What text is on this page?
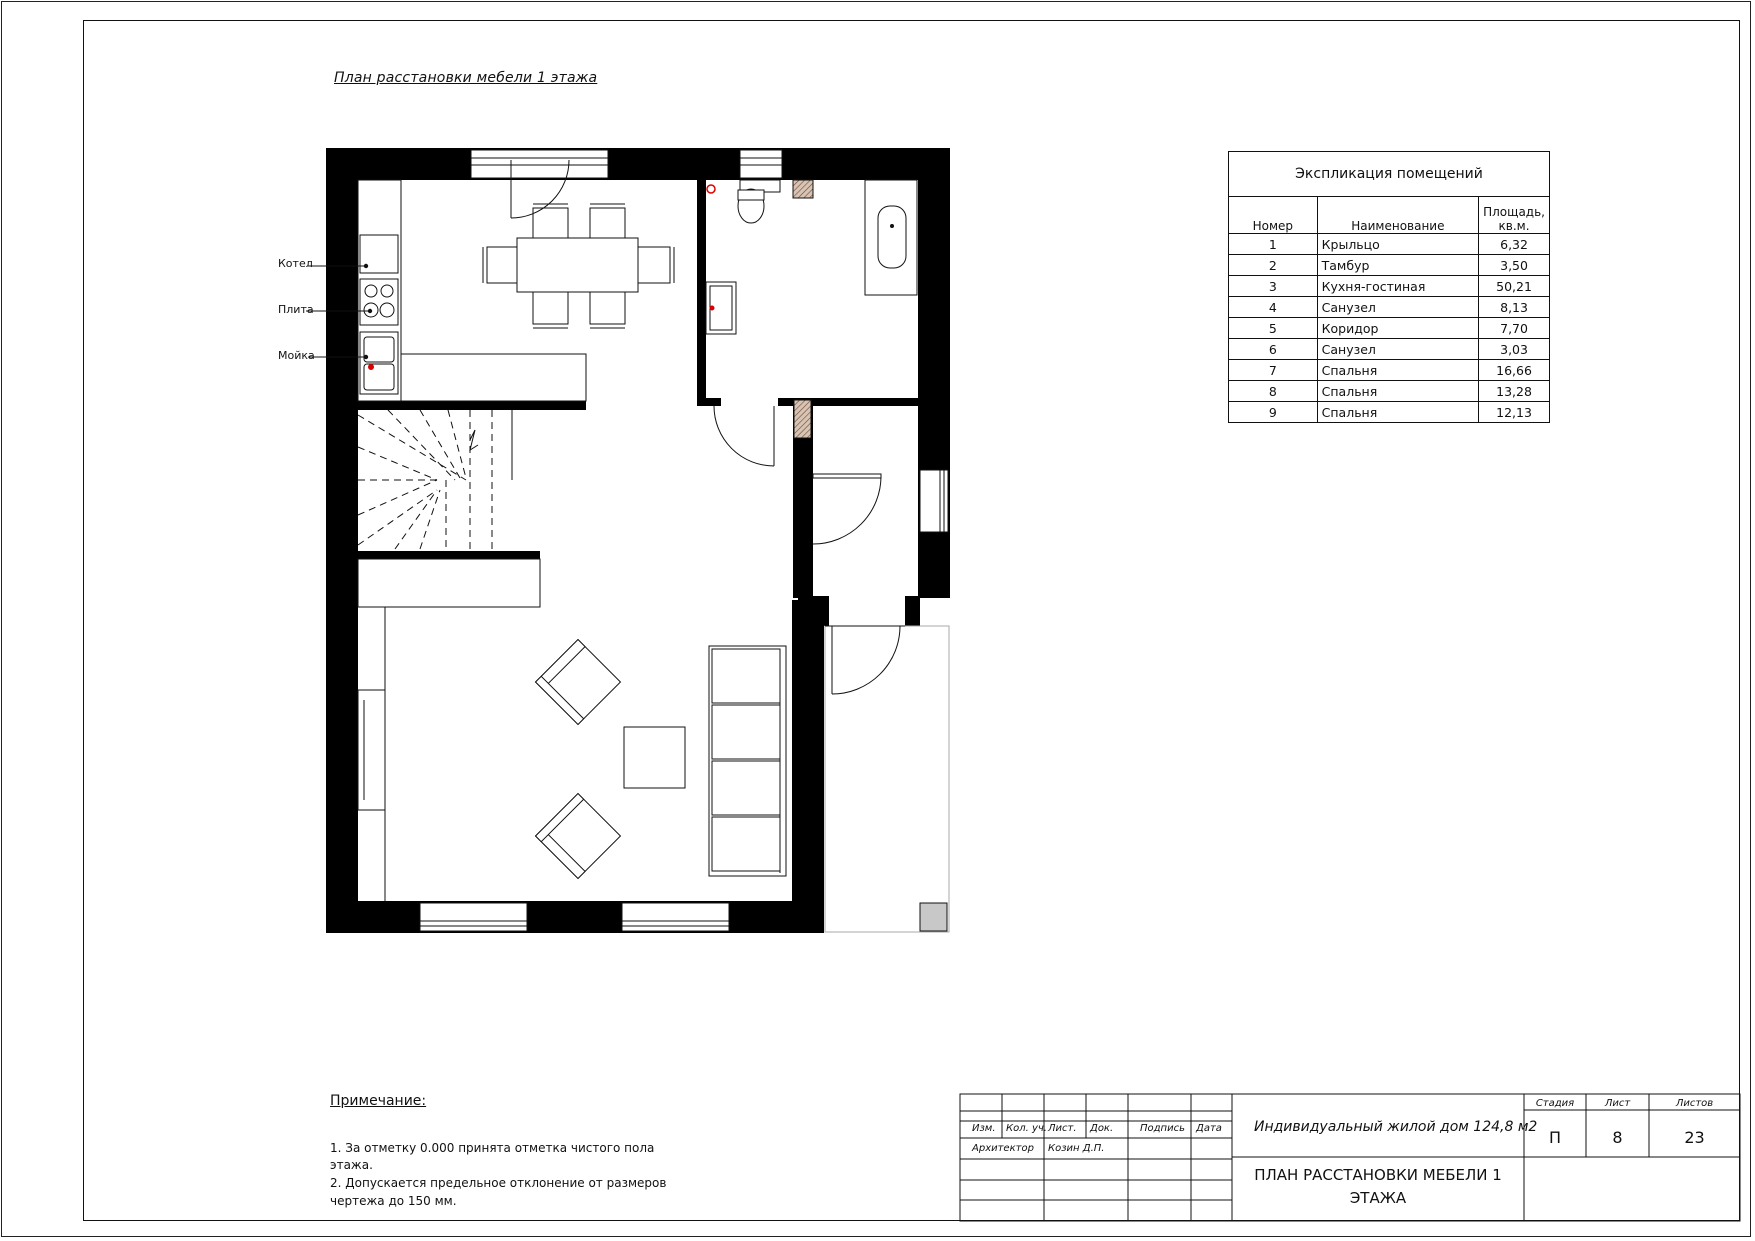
План расстановки мебели 1 этажа
Котел
Плита
Мойка
Экспликация помещений		
Номер	Наименование	Площадь, кв.м.
1	Крыльцо	6,32
2	Тамбур	3,50
3	Кухня-гостиная	50,21
4	Санузел	8,13
5	Коридор	7,70
6	Санузел	3,03
7	Спальня	16,66
8	Спальня	13,28
9	Спальня	12,13
Примечание:
1. За отметку 0.000 принята отметка чистого пола
этажа.
2. Допускается предельное отклонение от размеров
чертежа до 150 мм.
Изм. Кол. уч. Лист. Док.	Подпись Дата
Архитектор Козин Д.П.
Индивидуальный жилой дом 124,8 м2
ПЛАН РАССТАНОВКИ МЕБЕЛИ 1
ЭТАЖА
Стадия	Лист	Листов
П	8	23
